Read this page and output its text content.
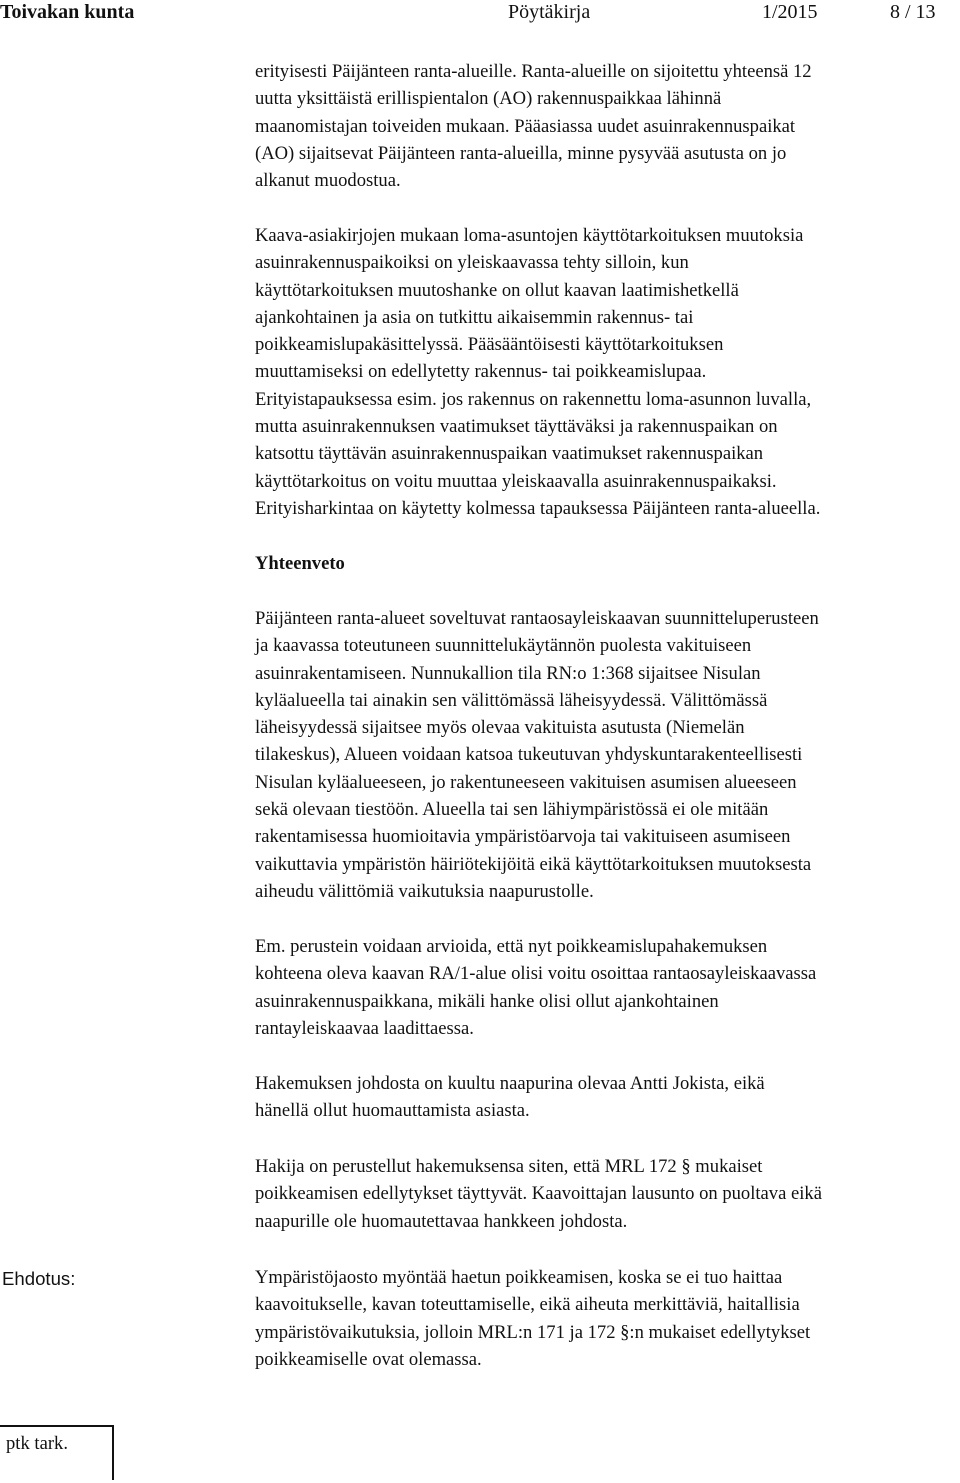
Toivakan kunta	Pöytäkirja	1/2015	8 / 13

erityisesti Päijänteen ranta-alueille. Ranta-alueille on sijoitettu yhteensä 12
uutta yksittäistä erillispientalon (AO) rakennuspaikkaa lähinnä
maanomistajan toiveiden mukaan. Pääasiassa uudet asuinrakennuspaikat
(AO) sijaitsevat Päijänteen ranta-alueilla, minne pysyvää asutusta on jo
alkanut muodostua.

Kaava-asiakirjojen mukaan loma-asuntojen käyttötarkoituksen muutoksia
asuinrakennuspaikoiksi on yleiskaavassa tehty silloin, kun
käyttötarkoituksen muutoshanke on ollut kaavan laatimishetkellä
ajankohtainen ja asia on tutkittu aikaisemmin rakennus- tai
poikkeamislupakäsittelyssä. Pääsääntöisesti käyttötarkoituksen
muuttamiseksi on edellytetty rakennus- tai poikkeamislupaa.
Erityistapauksessa esim. jos rakennus on rakennettu loma-asunnon luvalla,
mutta asuinrakennuksen vaatimukset täyttäväksi ja rakennuspaikan on
katsottu täyttävän asuinrakennuspaikan vaatimukset rakennuspaikan
käyttötarkoitus on voitu muuttaa yleiskaavalla asuinrakennuspaikaksi.
Erityisharkintaa on käytetty kolmessa tapauksessa Päijänteen ranta-alueella.

Yhteenveto

Päijänteen ranta-alueet soveltuvat rantaosayleiskaavan suunnitteluperusteen
ja kaavassa toteutuneen suunnittelukäytännön puolesta vakituiseen
asuinrakentamiseen. Nunnukallion tila RN:o 1:368 sijaitsee Nisulan
kyläalueella tai ainakin sen välittömässä läheisyydessä. Välittömässä
läheisyydessä sijaitsee myös olevaa vakituista asutusta (Niemelän
tilakeskus), Alueen voidaan katsoa tukeutuvan yhdyskuntarakenteellisesti
Nisulan kyläalueeseen, jo rakentuneeseen vakituisen asumisen alueeseen
sekä olevaan tiestöön. Alueella tai sen lähiympäristössä ei ole mitään
rakentamisessa huomioitavia ympäristöarvoja tai vakituiseen asumiseen
vaikuttavia ympäristön häiriötekijöitä eikä käyttötarkoituksen muutoksesta
aiheudu välittömiä vaikutuksia naapurustolle.

Em. perustein voidaan arvioida, että nyt poikkeamislupahakemuksen
kohteena oleva kaavan RA/1-alue olisi voitu osoittaa rantaosayleiskaavassa
asuinrakennuspaikkana, mikäli hanke olisi ollut ajankohtainen
rantayleiskaavaa laadittaessa.

Hakemuksen johdosta on kuultu naapurina olevaa Antti Jokista, eikä
hänellä ollut huomauttamista asiasta.

Hakija on perustellut hakemuksensa siten, että MRL 172 § mukaiset
poikkeamisen edellytykset täyttyvät. Kaavoittajan lausunto on puoltava eikä
naapurille ole huomautettavaa hankkeen johdosta.

Ehdotus:	Ympäristöjaosto myöntää haetun poikkeamisen, koska se ei tuo haittaa
kaavoitukselle, kavan toteuttamiselle, eikä aiheuta merkittäviä, haitallisia
ympäristövaikutuksia, jolloin MRL:n 171 ja 172 §:n mukaiset edellytykset
poikkeamiselle ovat olemassa.

ptk tark.
